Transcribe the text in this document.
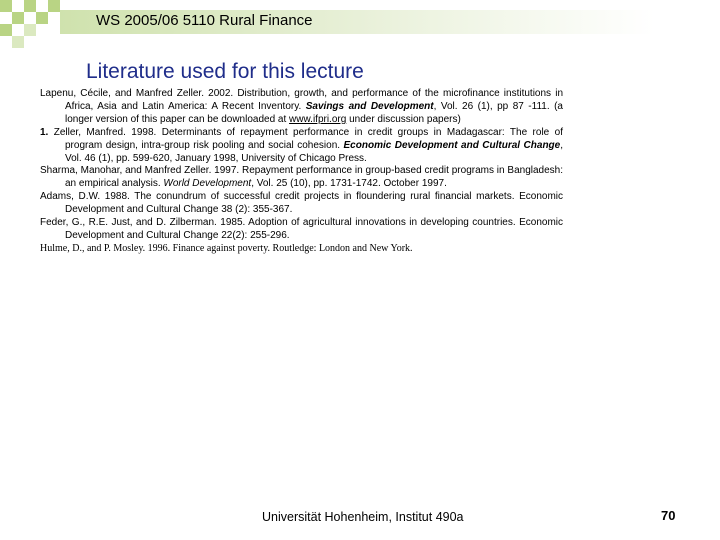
WS 2005/06 5110 Rural Finance
Literature used for this lecture
Lapenu, Cécile, and Manfred Zeller. 2002. Distribution, growth, and performance of the microfinance institutions in Africa, Asia and Latin America: A Recent Inventory. Savings and Development, Vol. 26 (1), pp 87 -111. (a longer version of this paper can be downloaded at www.ifpri.org under discussion papers)
1. Zeller, Manfred. 1998. Determinants of repayment performance in credit groups in Madagascar: The role of program design, intra-group risk pooling and social cohesion. Economic Development and Cultural Change, Vol. 46 (1), pp. 599-620, January 1998, University of Chicago Press.
Sharma, Manohar, and Manfred Zeller. 1997. Repayment performance in group-based credit programs in Bangladesh: an empirical analysis. World Development, Vol. 25 (10), pp. 1731-1742. October 1997.
Adams, D.W. 1988. The conundrum of successful credit projects in floundering rural financial markets. Economic Development and Cultural Change 38 (2): 355-367.
Feder, G., R.E. Just, and D. Zilberman. 1985. Adoption of agricultural innovations in developing countries. Economic Development and Cultural Change 22(2): 255-296.
Hulme, D., and P. Mosley. 1996. Finance against poverty. Routledge: London and New York.
Universität Hohenheim, Institut 490a	70
